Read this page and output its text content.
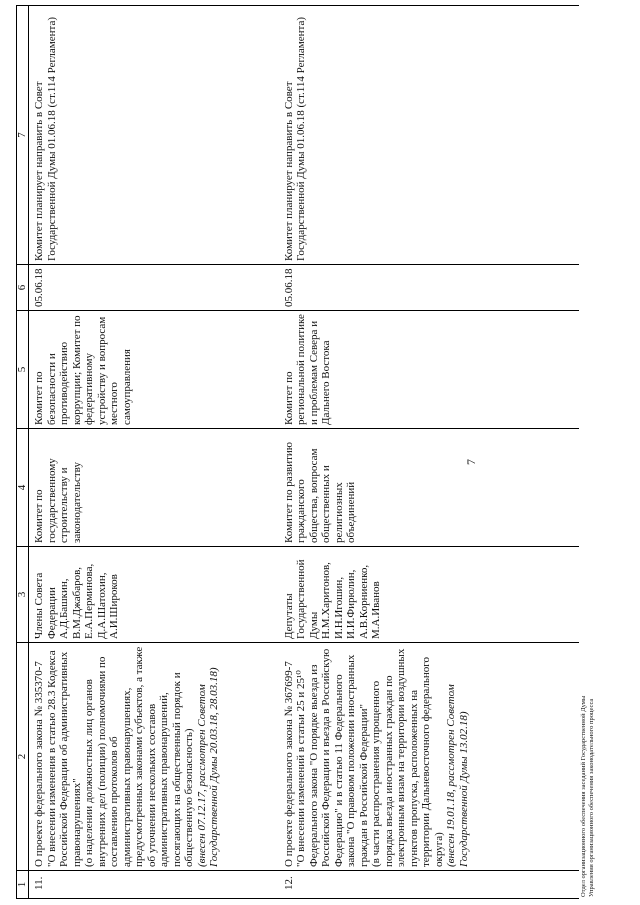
1	2	3	4	5	6	7
11.	О проекте федерального закона № 335370-7 "О внесении изменения в статью 28.3 Кодекса Российской Федерации об административных правонарушениях" (о наделении должностных лиц органов внутренних дел (полиции) полномочиями по составлению протоколов об административных правонарушениях, предусмотренных законами субъектов, а также об уточнении нескольких составов административных правонарушений, посягающих на общественный порядок и общественную безопасность) (внесен 07.12.17, рассмотрен Советом Государственной Думы 20.03.18, 28.03.18)	Члены Совета Федерации А.Д.Башкин, В.М.Джабаров, Е.А.Перминова, Д.А.Шатохин, А.И.Широков	Комитет по государственному строительству и законодательству	Комитет по безопасности и противодействию коррупции; Комитет по федеративному устройству и вопросам местного самоуправления	05.06.18	Комитет планирует направить в Совет Государственной Думы 01.06.18 (ст.114 Регламента)
12.	О проекте федерального закона № 367699-7 "О внесении изменений в статьи 25 и 25¹⁰ Федерального закона "О порядке выезда из Российской Федерации и въезда в Российскую Федерацию" и в статью 11 Федерального закона "О правовом положении иностранных граждан в Российской Федерации" (в части распространения упрощенного порядка въезда иностранных граждан по электронным визам на территории воздушных пунктов пропуска, расположенных на территории Дальневосточного федерального округа) (внесен 19.01.18, рассмотрен Советом Государственной Думы 13.02.18)	Депутаты Государственной Думы Н.М.Харитонов, И.Н.Игошин, И.И.Фирюлин, А.В.Корниенко, М.А.Иванов	Комитет по развитию гражданского общества, вопросам общественных и религиозных объединений	Комитет по региональной политике и проблемам Севера и Дальнего Востока	05.06.18	Комитет планирует направить в Совет Государственной Думы 01.06.18 (ст.114 Регламента)
7
Отдел организационного обеспечения заседаний Государственной Думы Управления организационного обеспечения законодательного процесса
